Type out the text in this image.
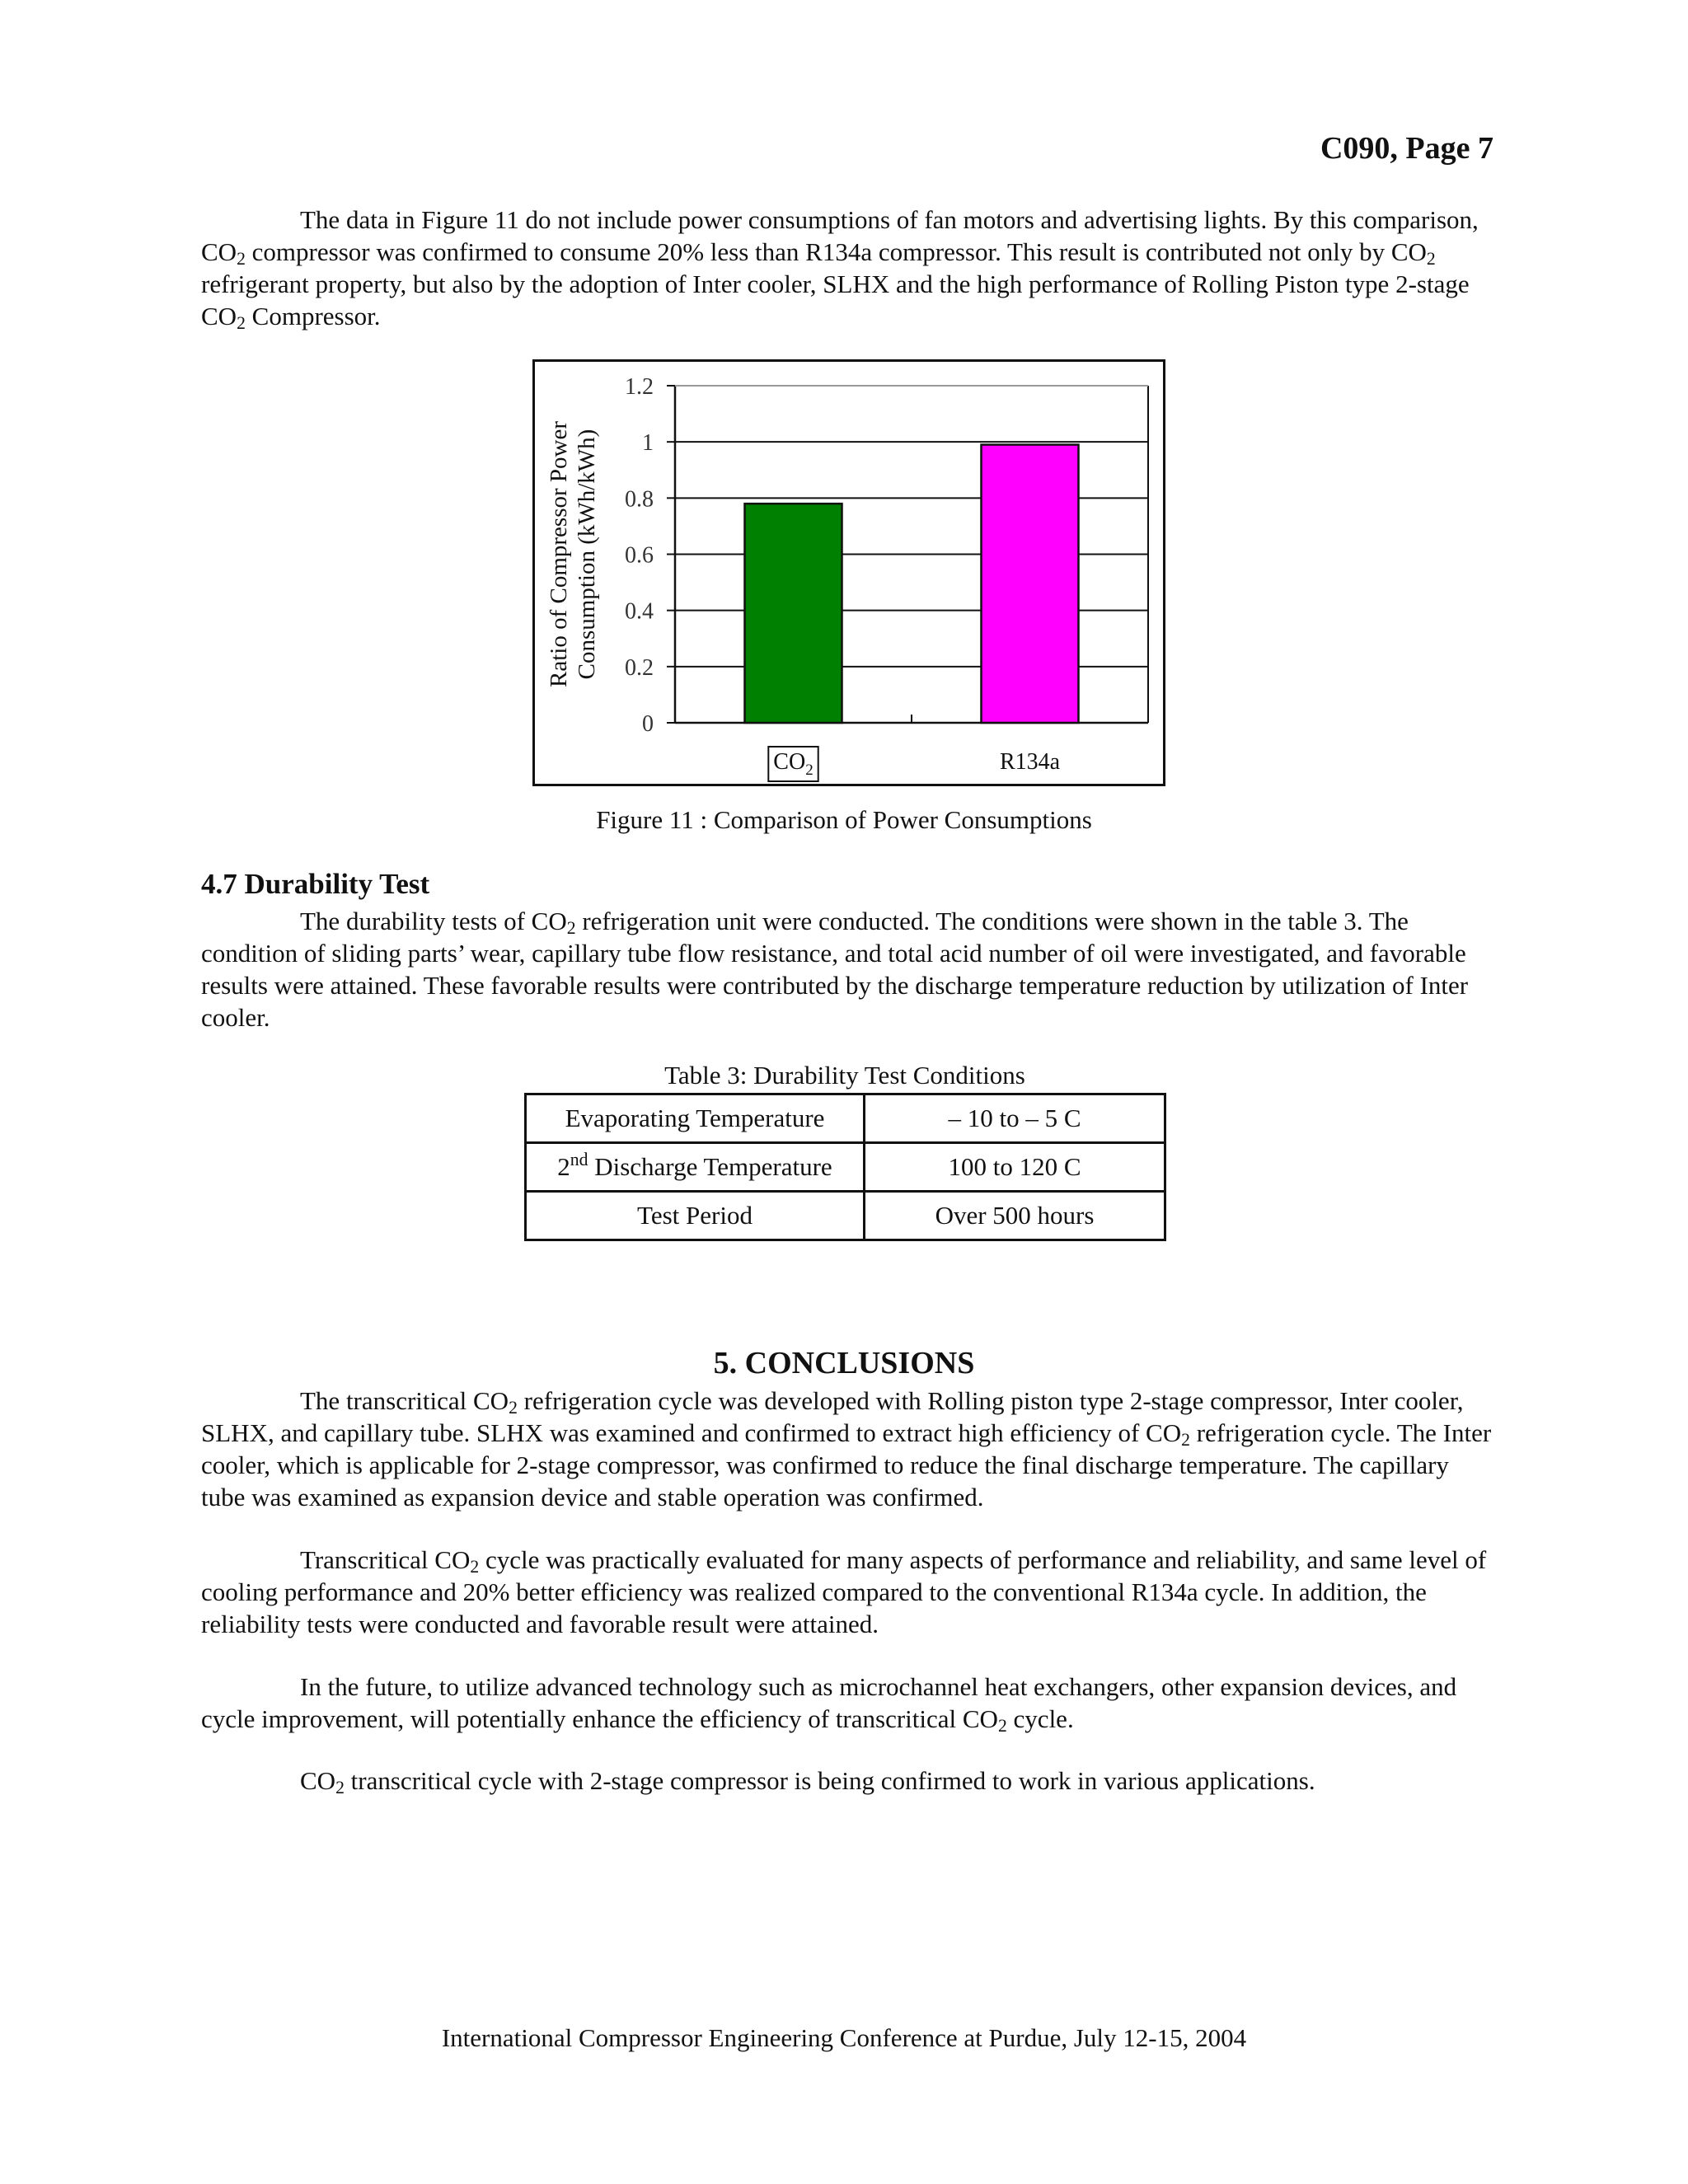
C090, Page 7

The data in Figure 11 do not include power consumptions of fan motors and advertising lights. By this comparison, $CO_2$ compressor was confirmed to consume 20% less than R134a compressor. This result is contributed not only by $CO_2$ refrigerant property, but also by the adoption of Inter cooler, SLHX and the high performance of Rolling Piston type 2-stage $CO_2$ Compressor.

0
0.2
0.4
0.6
0.8
1
1.2
$CO_2$	R134a
Ratio of Compressor Power Consumption (kWh/kWh)
Figure 11 : Comparison of Power Consumptions
4.7 Durability Test

The durability tests of $CO_2$ refrigeration unit were conducted. The conditions were shown in the table 3. The condition of sliding parts’ wear, capillary tube flow resistance, and total acid number of oil were investigated, and favorable results were attained. These favorable results were contributed by the discharge temperature reduction by utilization of Inter cooler.

Table 3: Durability Test Conditions
Evaporating Temperature	– 10 to – 5 C
2nd Discharge Temperature	100 to 120 C
Test Period	Over 500 hours
5. CONCLUSIONS

The transcritical $CO_2$ refrigeration cycle was developed with Rolling piston type 2-stage compressor, Inter cooler, SLHX, and capillary tube. SLHX was examined and confirmed to extract high efficiency of $CO_2$ refrigeration cycle. The Inter cooler, which is applicable for 2-stage compressor, was confirmed to reduce the final discharge temperature. The capillary tube was examined as expansion device and stable operation was confirmed.

Transcritical $CO_2$ cycle was practically evaluated for many aspects of performance and reliability, and same level of cooling performance and 20% better efficiency was realized compared to the conventional R134a cycle. In addition, the reliability tests were conducted and favorable result were attained.

In the future, to utilize advanced technology such as microchannel heat exchangers, other expansion devices, and cycle improvement, will potentially enhance the efficiency of transcritical $CO_2$ cycle.

$CO_2$ transcritical cycle with 2-stage compressor is being confirmed to work in various applications.

International Compressor Engineering Conference at Purdue, July 12-15, 2004
